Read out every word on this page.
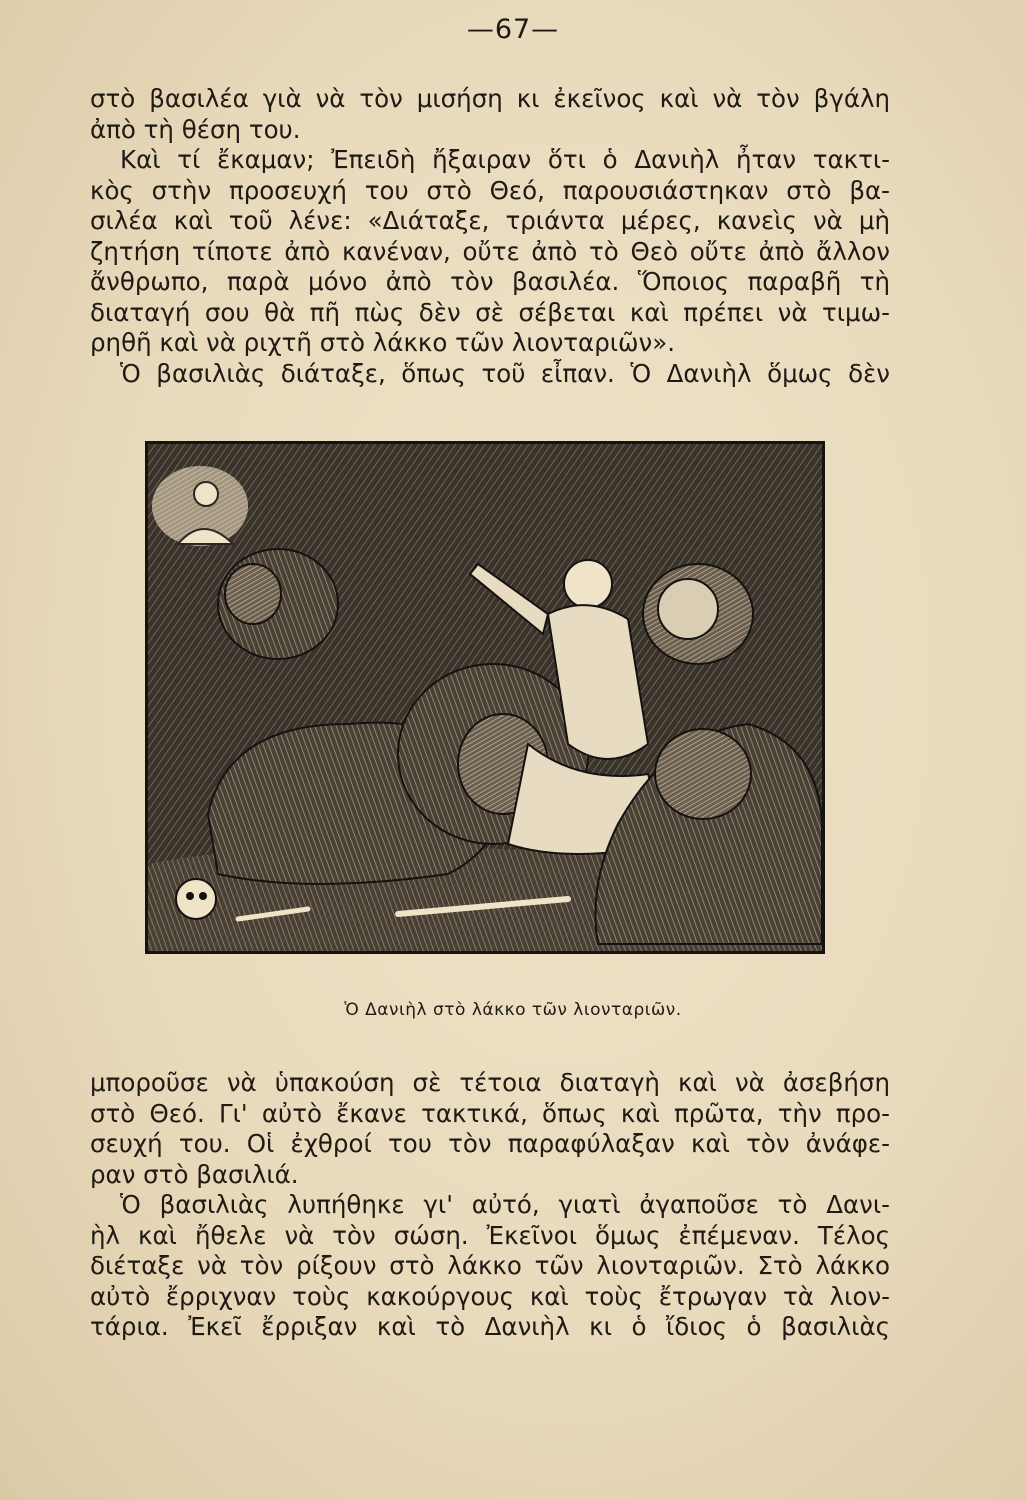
—67—
στὸ βασιλέα γιὰ νὰ τὸν μισήση κι ἐκεῖνος καὶ νὰ τὸν βγάλη
ἀπὸ τὴ θέση του.
Καὶ τί ἔκαμαν; Ἐπειδὴ ἤξαιραν ὅτι ὁ Δανιὴλ ἦταν τακτι-
κὸς στὴν προσευχή του στὸ Θεό, παρουσιάστηκαν στὸ βα-
σιλέα καὶ τοῦ λένε: «Διάταξε, τριάντα μέρες, κανεὶς νὰ μὴ
ζητήση τίποτε ἀπὸ κανέναν, οὔτε ἀπὸ τὸ Θεὸ οὔτε ἀπὸ ἄλλον
ἄνθρωπο, παρὰ μόνο ἀπὸ τὸν βασιλέα. Ὅποιος παραβῆ τὴ
διαταγή σου θὰ πῆ πὼς δὲν σὲ σέβεται καὶ πρέπει νὰ τιμω-
ρηθῆ καὶ νὰ ριχτῆ στὸ λάκκο τῶν λιονταριῶν».
Ὁ βασιλιὰς διάταξε, ὅπως τοῦ εἶπαν. Ὁ Δανιὴλ ὅμως δὲν
Ὁ Δανιὴλ στὸ λάκκο τῶν λιονταριῶν.
μποροῦσε νὰ ὑπακούση σὲ τέτοια διαταγὴ καὶ νὰ ἀσεβήση
στὸ Θεό. Γι' αὐτὸ ἔκανε τακτικά, ὅπως καὶ πρῶτα, τὴν προ-
σευχή του. Οἱ ἐχθροί του τὸν παραφύλαξαν καὶ τὸν ἀνάφε-
ραν στὸ βασιλιά.
Ὁ βασιλιὰς λυπήθηκε γι' αὐτό, γιατὶ ἀγαποῦσε τὸ Δανι-
ὴλ καὶ ἤθελε νὰ τὸν σώση. Ἐκεῖνοι ὅμως ἐπέμεναν. Τέλος
διέταξε νὰ τὸν ρίξουν στὸ λάκκο τῶν λιονταριῶν. Στὸ λάκκο
αὐτὸ ἔρριχναν τοὺς κακούργους καὶ τοὺς ἔτρωγαν τὰ λιον-
τάρια. Ἐκεῖ ἔρριξαν καὶ τὸ Δανιὴλ κι ὁ ἴδιος ὁ βασιλιὰς
